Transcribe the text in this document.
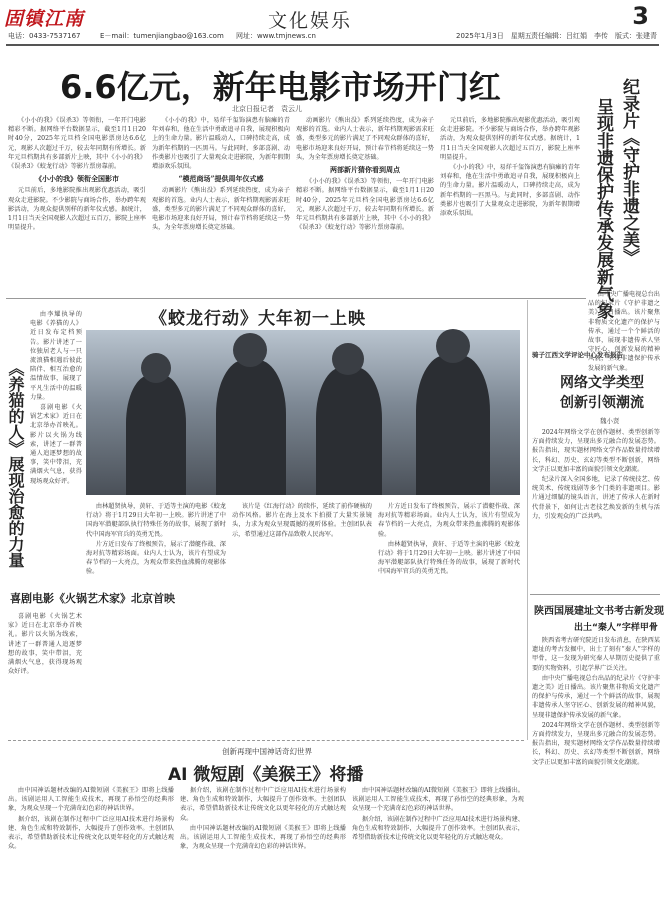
固镇江南	文化娱乐	3
电话：0433-7537167	E－mail：tumenjiangbao@163.com 网址：www.tmjnews.cn	2025年1月3日　星期五 责任编辑：吕红娟　李传　版式：张建青
6.6亿元，新年电影市场开门红
北京日报记者　袁云儿

《小小的我》《误杀3》等领衔，一年开门电影精彩不断。据网络平台数据显示，截至1月1日20时40分，2025年元旦档全国电影票房达6.6亿元，观影人次超过千万，较去年同期有所增长。新年元旦档期共有多部新片上映，其中《小小的我》《误杀3》《蛟龙行动》等影片票房靠前。

《小小的我》领衔全国影市

元旦前后，多地影院推出观影优惠活动，吸引观众走进影院。不少影院与商场合作，举办跨年观影活动，为观众提供别样的新年仪式感。据统计，1月1日当天全国观影人次超过五百万，影院上座率明显提升。

《小小的我》中，易烊千玺饰演患有脑瘫的青年刘春和，他在生活中勇敢追寻自我，展现积极向上的生命力量。影片温暖动人，口碑持续走高，成为新年档期的一匹黑马。与此同时，多部喜剧、动作类影片也吸引了大量观众走进影院，为新年假期增添欢乐氛围。

“模范商场”提供周年仪式感

动画影片《熊出没》系列延续热度，成为亲子观影的首选。业内人士表示，新年档期观影需求旺盛，类型多元的影片满足了不同观众群体的喜好，电影市场迎来良好开局，预计春节档将延续这一势头，为全年票房增长奠定基础。

动画影片《熊出没》系列延续热度，成为亲子观影的首选。业内人士表示，新年档期观影需求旺盛，类型多元的影片满足了不同观众群体的喜好，电影市场迎来良好开局，预计春节档将延续这一势头，为全年票房增长奠定基础。

两部新片猜你看到周点

《小小的我》《误杀3》等领衔，一年开门电影精彩不断。据网络平台数据显示，截至1月1日20时40分，2025年元旦档全国电影票房达6.6亿元，观影人次超过千万，较去年同期有所增长。新年元旦档期共有多部新片上映，其中《小小的我》《误杀3》《蛟龙行动》等影片票房靠前。

元旦前后，多地影院推出观影优惠活动，吸引观众走进影院。不少影院与商场合作，举办跨年观影活动，为观众提供别样的新年仪式感。据统计，1月1日当天全国观影人次超过五百万，影院上座率明显提升。

《小小的我》中，易烊千玺饰演患有脑瘫的青年刘春和，他在生活中勇敢追寻自我，展现积极向上的生命力量。影片温暖动人，口碑持续走高，成为新年档期的一匹黑马。与此同时，多部喜剧、动作类影片也吸引了大量观众走进影院，为新年假期增添欢乐氛围。	纪录片《守护非遗之美》
呈现非遗保护传承发展新气象

由中央广播电视总台出品的纪录片《守护非遗之美》近日播出。该片聚焦非物质文化遗产的保护与传承，通过一个个鲜活的故事，展现非遗传承人坚守匠心、创新发展的精神风貌，呈现非遗保护传承发展的新气象。

《蛟龙行动》大年初一上映
《养猫的人》展现治愈的力量

由李耀执导的电影《养猫的人》近日发布定档预告。影片讲述了一位独居老人与一只流浪猫相遇后彼此陪伴、相互治愈的温情故事，展现了平凡生活中的温暖力量。

喜剧电影《火锅艺术家》近日在北京举办首映礼。影片以火锅为线索，讲述了一群普通人追逐梦想的故事，笑中带泪，充满烟火气息，获得现场观众好评。

喜剧电影《火锅艺术家》北京首映

喜剧电影《火锅艺术家》近日在北京举办首映礼。影片以火锅为线索，讲述了一群普通人追逐梦想的故事，笑中带泪，充满烟火气息，获得现场观众好评。

由林超贤执导，黄轩、于适等主演的电影《蛟龙行动》将于1月29日大年初一上映。影片讲述了中国海军潜艇部队执行特殊任务的故事，展现了新时代中国海军官兵的英勇无畏。

片方近日发布了终极预告，展示了潜艇作战、深海对抗等精彩场面。业内人士认为，该片有望成为春节档的一大亮点，为观众带来热血沸腾的观影体验。

该片是《红海行动》的续作，延续了前作硬核的动作风格。影片在海上及水下拍摄了大量实景镜头，力求为观众呈现震撼的视听体验。主创团队表示，希望通过这部作品致敬人民海军。

片方近日发布了终极预告，展示了潜艇作战、深海对抗等精彩场面。业内人士认为，该片有望成为春节档的一大亮点，为观众带来热血沸腾的观影体验。

由林超贤执导，黄轩、于适等主演的电影《蛟龙行动》将于1月29日大年初一上映。影片讲述了中国海军潜艇部队执行特殊任务的故事，展现了新时代中国海军官兵的英勇无畏。

骑子江西文学评论中心发布报告
网络文学类型
创新引领潮流
魏小贤

2024年网络文学在创作题材、类型创新等方面持续发力，呈现出多元融合的发展态势。报告指出，现实题材网络文学作品数量持续增长，科幻、历史、玄幻等类型不断创新，网络文学正以更加丰富的面貌引领文化潮流。

纪录片深入全国多地，记录了传统技艺、传统美术、传统戏剧等多个门类的非遗项目。影片通过细腻的镜头语言，讲述了传承人在新时代背景下，如何让古老技艺焕发新的生机与活力，引发观众的广泛共鸣。

陕西国展建址文书考古新发现
出土“秦人”字样甲骨

陕西省考古研究院近日发布消息，在陕西某遗址的考古发掘中，出土了刻有“秦人”字样的甲骨，这一发现为研究秦人早期历史提供了重要的实物资料，引起学界广泛关注。

由中央广播电视总台出品的纪录片《守护非遗之美》近日播出。该片聚焦非物质文化遗产的保护与传承，通过一个个鲜活的故事，展现非遗传承人坚守匠心、创新发展的精神风貌，呈现非遗保护传承发展的新气象。

2024年网络文学在创作题材、类型创新等方面持续发力，呈现出多元融合的发展态势。报告指出，现实题材网络文学作品数量持续增长，科幻、历史、玄幻等类型不断创新，网络文学正以更加丰富的面貌引领文化潮流。

创新再现中国神话奇幻世界
AI 微短剧《美猴王》将播

由中国神话题材改编的AI微短剧《美猴王》即将上线播出。该剧运用人工智能生成技术，再现了孙悟空的经典形象，为观众呈现一个充满奇幻色彩的神话世界。

据介绍，该剧在制作过程中广泛应用AI技术进行场景构建、角色生成和特效制作，大幅提升了创作效率。主创团队表示，希望借助新技术让传统文化以更年轻化的方式触达观众。

据介绍，该剧在制作过程中广泛应用AI技术进行场景构建、角色生成和特效制作，大幅提升了创作效率。主创团队表示，希望借助新技术让传统文化以更年轻化的方式触达观众。

由中国神话题材改编的AI微短剧《美猴王》即将上线播出。该剧运用人工智能生成技术，再现了孙悟空的经典形象，为观众呈现一个充满奇幻色彩的神话世界。

由中国神话题材改编的AI微短剧《美猴王》即将上线播出。该剧运用人工智能生成技术，再现了孙悟空的经典形象，为观众呈现一个充满奇幻色彩的神话世界。

据介绍，该剧在制作过程中广泛应用AI技术进行场景构建、角色生成和特效制作，大幅提升了创作效率。主创团队表示，希望借助新技术让传统文化以更年轻化的方式触达观众。
